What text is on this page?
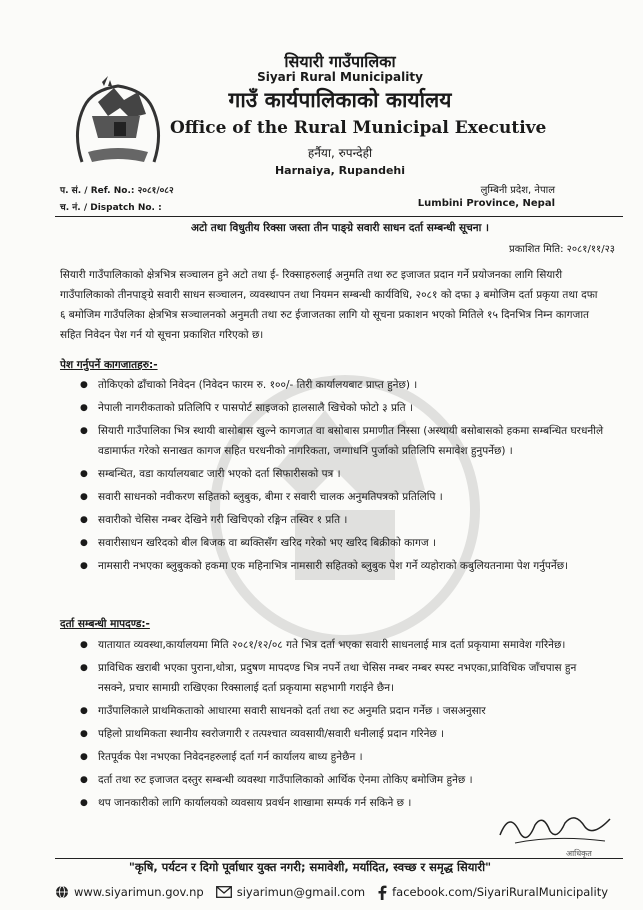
सियारी गाउँपालिका
Siyari Rural Municipality
गाउँ कार्यपालिकाको कार्यालय
Office of the Rural Municipal Executive
हर्नैया, रुपन्देही
Harnaiya, Rupandehi
प. सं. / Ref. No.: २०८१/०८२
च. नं. / Dispatch No. :
लुम्बिनी प्रदेश, नेपाल
Lumbini Province, Nepal
अटो तथा विधुतीय रिक्सा जस्ता तीन पाङ्ग्रे सवारी साधन दर्ता सम्बन्धी सूचना ।
प्रकाशित मिति: २०८१/११/२३
सियारी गाउँपालिकाको क्षेत्रभित्र सञ्चालन हुने अटो तथा ई- रिक्साहरुलाई अनुमति तथा रुट इजाजत प्रदान गर्ने प्रयोजनका लागि सियारी गाउँपालिकाको तीनपाङ्ग्रे सवारी साधन सञ्चालन, व्यवस्थापन तथा नियमन सम्बन्धी कार्यविधि, २०८१ को दफा ३ बमोजिम दर्ता प्रकृया तथा दफा ६ बमोजिम गाउँपलिका क्षेत्रभित्र सञ्चालनको अनुमती तथा रुट ईजाजतका लागि यो सूचना प्रकाशन भएको मितिले १५ दिनभित्र निम्न कागजात सहित निवेदन पेश गर्न यो सूचना प्रकाशित गरिएको छ।
पेश गर्नुपर्ने कागजातहरु:-
● तोकिएको ढाँचाको निवेदन (निवेदन फारम रु. १००/- तिरी कार्यालयबाट प्राप्त हुनेछ) ।
● नेपाली नागरीकताको प्रतिलिपि र पासपोर्ट साइजको हालसालै खिचेको फोटो ३ प्रति ।
● सियारी गाउँपालिका भित्र स्थायी बासोबास खुल्ने कागजात वा बसोबास प्रमाणीत निस्सा (अस्थायी बसोबासको हकमा सम्बन्धित घरधनीले वडामार्फत गरेको सनाखत कागज सहित घरधनीको नागरिकता, जग्गाधनि पुर्जाको प्रतिलिपि समावेश हुनुपर्नेछ) ।
● सम्बन्धित, वडा कार्यालयबाट जारी भएको दर्ता सिफारीसको पत्र ।
● सवारी साधनको नवीकरण सहितको ब्लुबुक, बीमा र सवारी चालक अनुमतिपत्रको प्रतिलिपि ।
● सवारीको चेसिस नम्बर देखिने गरी खिचिएको रङ्गिन तस्विर १ प्रति ।
● सवारीसाधन खरिदको बील बिजक वा ब्यक्तिसँग खरिद गरेको भए खरिद बिक्रीको कागज ।
● नामसारी नभएका ब्लुबुकको हकमा एक महिनाभित्र नामसारी सहितको ब्लुबुक पेश गर्ने व्यहोराको कबुलियतनामा पेश गर्नुपर्नेछ।
दर्ता सम्बन्धी मापदण्ड:-
● यातायात व्यवस्था,कार्यालयमा मिति २०८१/१२/०८ गते भित्र दर्ता भएका सवारी साधनलाई मात्र दर्ता प्रकृयामा समावेश गरिनेछ।
● प्राविधिक खराबी भएका पुराना,थोत्रा, प्रदुषण मापदण्ड भित्र नपर्ने तथा चेसिस नम्बर नम्बर स्पस्ट नभएका,प्राविधिक जाँचपास हुन नसक्ने, प्रचार सामाग्री राखिएका रिक्सालाई दर्ता प्रकृयामा सहभागी गराईने छैन।
● गाउँपालिकाले प्राथमिकताको आधारमा सवारी साधनको दर्ता तथा रुट अनुमति प्रदान गर्नेछ । जसअनुसार
● पहिलो प्राथमिकता स्थानीय स्वरोजगारी र तत्पश्चात व्यवसायी/सवारी धनीलाई प्रदान गरिनेछ ।
● रितपूर्वक पेश नभएका निवेदनहरुलाई दर्ता गर्न कार्यालय बाध्य हुनेछैन ।
● दर्ता तथा रुट इजाजत दस्तुर सम्बन्धी व्यवस्था गाउँपालिकाको आर्थिक ऐनमा तोकिए बमोजिम हुनेछ ।
● थप जानकारीको लागि कार्यालयको व्यवसाय प्रवर्धन शाखामा सम्पर्क गर्न सकिने छ ।
आधिकृत
"कृषि, पर्यटन र दिगो पूर्वाधार युक्त नगरी; समावेशी, मर्यादित, स्वच्छ र समृद्ध सियारी"
www.siyarimun.gov.np	siyarimun@gmail.com facebook.com/SiyariRuralMunicipality
